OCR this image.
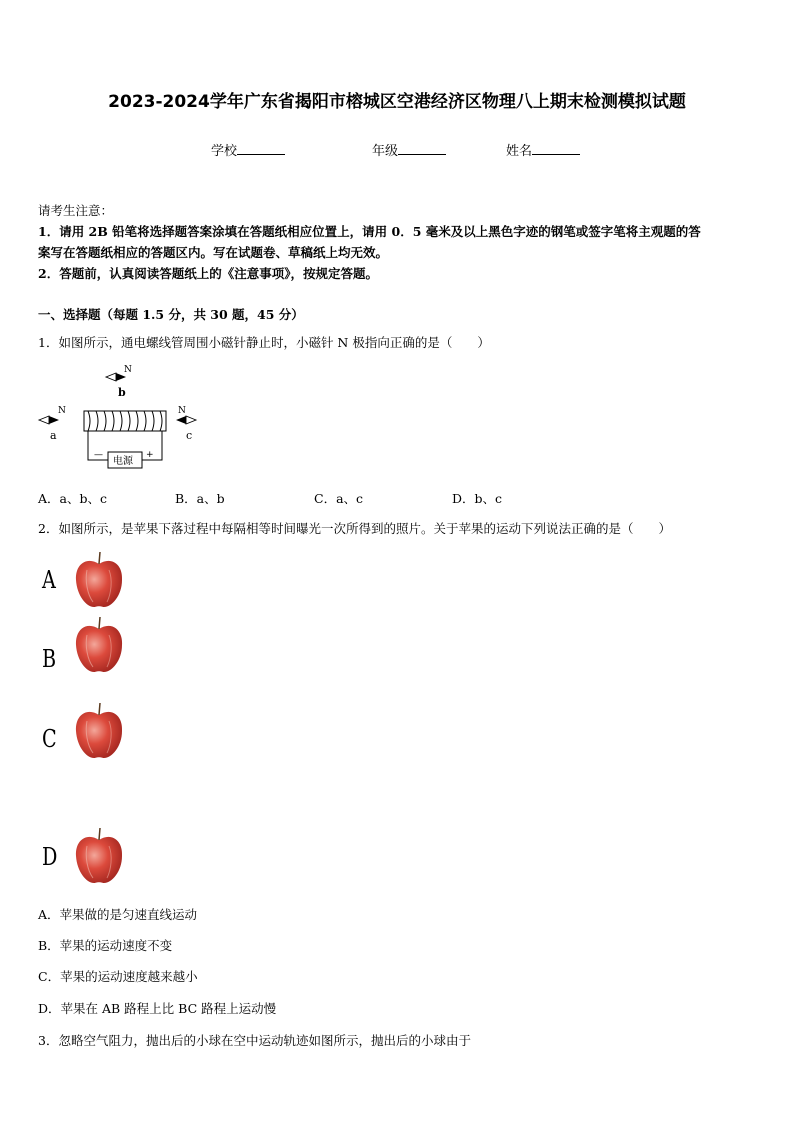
2023-2024学年广东省揭阳市榕城区空港经济区物理八上期末检测模拟试题
学校	年级	姓名
请考生注意：
1．请用 2B 铅笔将选择题答案涂填在答题纸相应位置上，请用 0．5 毫米及以上黑色字迹的钢笔或签字笔将主观题的答
案写在答题纸相应的答题区内。写在试题卷、草稿纸上均无效。
2．答题前，认真阅读答题纸上的《注意事项》，按规定答题。
一、选择题（每题 1.5 分，共 30 题，45 分）
1．如图所示，通电螺线管周围小磁针静止时，小磁针 N 极指向正确的是（　　）
N
b
N
a
N
c
电源
—	+
A．a、b、c	B．a、b	C．a、c	D．b、c
2．如图所示，是苹果下落过程中每隔相等时间曝光一次所得到的照片。关于苹果的运动下列说法正确的是（　　）
A
B
C
D
A．苹果做的是匀速直线运动
B．苹果的运动速度不变
C．苹果的运动速度越来越小
D．苹果在 AB 路程上比 BC 路程上运动慢
3．忽略空气阻力，抛出后的小球在空中运动轨迹如图所示，抛出后的小球由于
